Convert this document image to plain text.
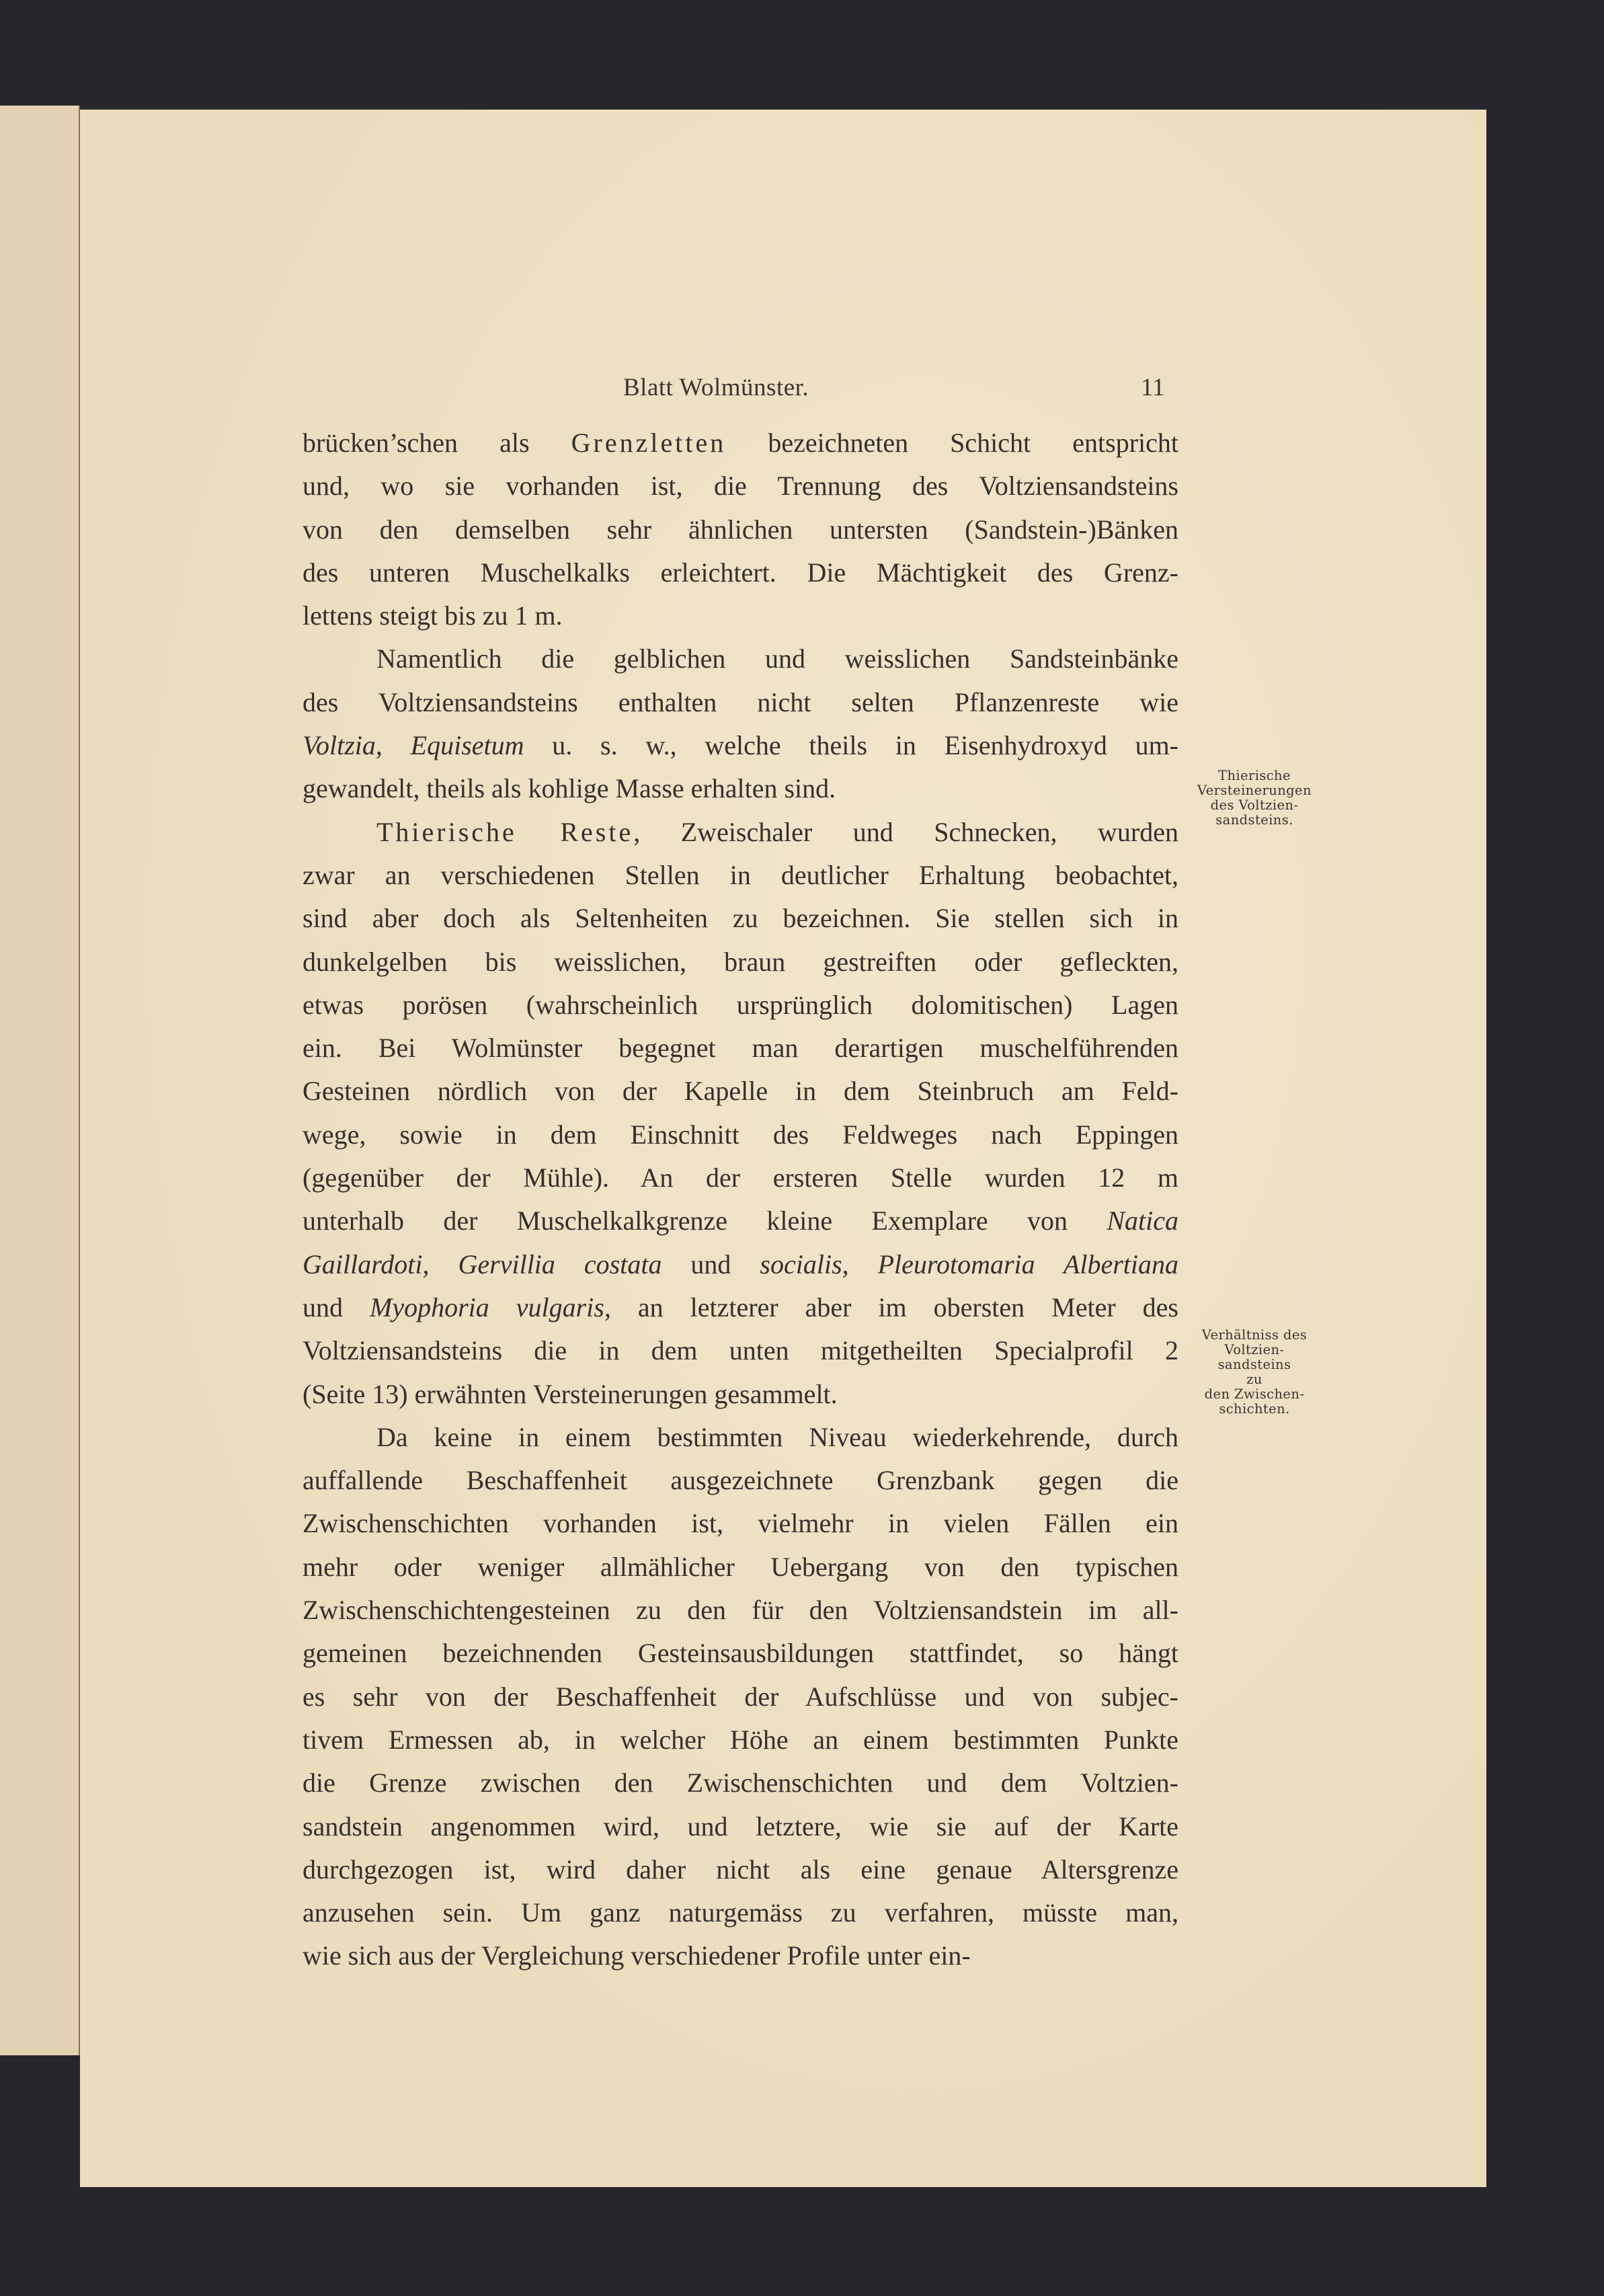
Blatt Wolmünster.	11

brücken’schen als Grenzletten bezeichneten Schicht entspricht
und, wo sie vorhanden ist, die Trennung des Voltziensandsteins
von den demselben sehr ähnlichen untersten (Sandstein-)Bänken
des unteren Muschelkalks erleichtert. Die Mächtigkeit des Grenz-
lettens steigt bis zu 1 m.

Namentlich die gelblichen und weisslichen Sandsteinbänke
des Voltziensandsteins enthalten nicht selten Pflanzenreste wie
Voltzia, Equisetum u. s. w., welche theils in Eisenhydroxyd um-
gewandelt, theils als kohlige Masse erhalten sind.

Thierische Reste, Zweischaler und Schnecken, wurden
zwar an verschiedenen Stellen in deutlicher Erhaltung beobachtet,
sind aber doch als Seltenheiten zu bezeichnen. Sie stellen sich in
dunkelgelben bis weisslichen, braun gestreiften oder gefleckten,
etwas porösen (wahrscheinlich ursprünglich dolomitischen) Lagen
ein. Bei Wolmünster begegnet man derartigen muschelführenden
Gesteinen nördlich von der Kapelle in dem Steinbruch am Feld-
wege, sowie in dem Einschnitt des Feldweges nach Eppingen
(gegenüber der Mühle). An der ersteren Stelle wurden 12 m
unterhalb der Muschelkalkgrenze kleine Exemplare von Natica
Gaillardoti, Gervillia costata und socialis, Pleurotomaria Albertiana
und Myophoria vulgaris, an letzterer aber im obersten Meter des
Voltziensandsteins die in dem unten mitgetheilten Specialprofil 2
(Seite 13) erwähnten Versteinerungen gesammelt.

Da keine in einem bestimmten Niveau wiederkehrende, durch
auffallende Beschaffenheit ausgezeichnete Grenzbank gegen die
Zwischenschichten vorhanden ist, vielmehr in vielen Fällen ein
mehr oder weniger allmählicher Uebergang von den typischen
Zwischenschichtengesteinen zu den für den Voltziensandstein im all-
gemeinen bezeichnenden Gesteinsausbildungen stattfindet, so hängt
es sehr von der Beschaffenheit der Aufschlüsse und von subjec-
tivem Ermessen ab, in welcher Höhe an einem bestimmten Punkte
die Grenze zwischen den Zwischenschichten und dem Voltzien-
sandstein angenommen wird, und letztere, wie sie auf der Karte
durchgezogen ist, wird daher nicht als eine genaue Altersgrenze
anzusehen sein. Um ganz naturgemäss zu verfahren, müsste man,
wie sich aus der Vergleichung verschiedener Profile unter ein-

Thierische
Versteinerungen
des Voltzien-
sandsteins.
Verhältniss des
Voltzien-
sandsteins
zu
den Zwischen-
schichten.
